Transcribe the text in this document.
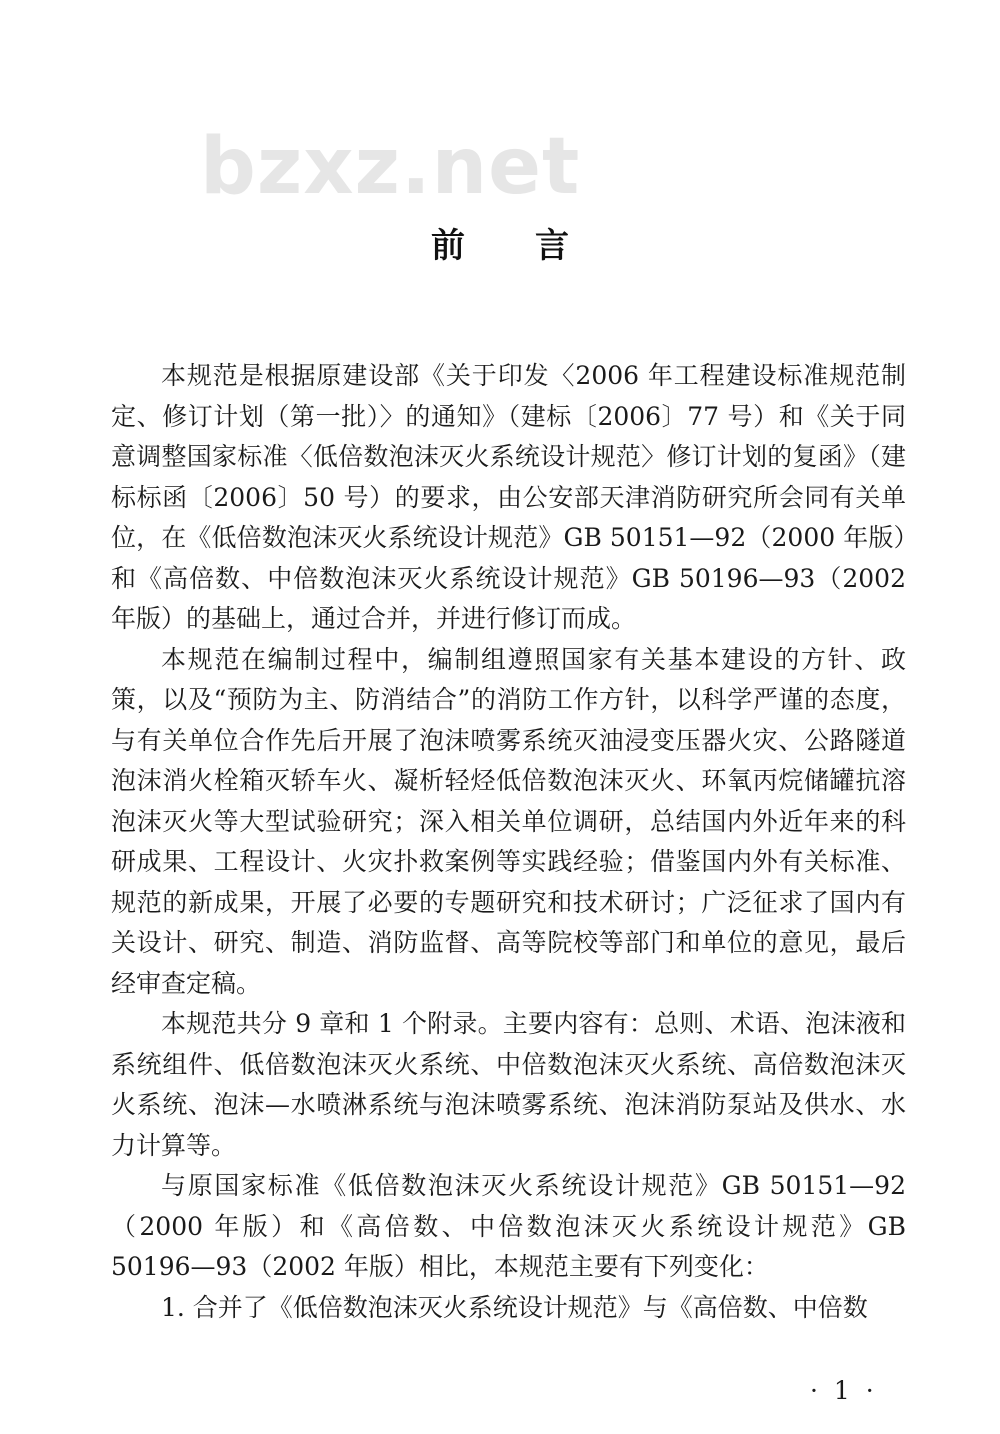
bzxz.net
前言

本规范是根据原建设部《关于印发〈2006 年工程建设标准规范制定、修订计划（第一批）〉的通知》（建标〔2006〕77 号）和《关于同意调整国家标准〈低倍数泡沫灭火系统设计规范〉修订计划的复函》（建标标函〔2006〕50 号）的要求，由公安部天津消防研究所会同有关单位，在《低倍数泡沫灭火系统设计规范》GB 50151—92（2000 年版）和《高倍数、中倍数泡沫灭火系统设计规范》GB 50196—93（2002 年版）的基础上，通过合并，并进行修订而成。

本规范在编制过程中，编制组遵照国家有关基本建设的方针、政策，以及“预防为主、防消结合”的消防工作方针，以科学严谨的态度，与有关单位合作先后开展了泡沫喷雾系统灭油浸变压器火灾、公路隧道泡沫消火栓箱灭轿车火、凝析轻烃低倍数泡沫灭火、环氧丙烷储罐抗溶泡沫灭火等大型试验研究；深入相关单位调研，总结国内外近年来的科研成果、工程设计、火灾扑救案例等实践经验；借鉴国内外有关标准、规范的新成果，开展了必要的专题研究和技术研讨；广泛征求了国内有关设计、研究、制造、消防监督、高等院校等部门和单位的意见，最后经审查定稿。

本规范共分 9 章和 1 个附录。主要内容有：总则、术语、泡沫液和系统组件、低倍数泡沫灭火系统、中倍数泡沫灭火系统、高倍数泡沫灭火系统、泡沫—水喷淋系统与泡沫喷雾系统、泡沫消防泵站及供水、水力计算等。

与原国家标准《低倍数泡沫灭火系统设计规范》GB 50151—92（2000 年版）和《高倍数、中倍数泡沫灭火系统设计规范》GB 50196—93（2002 年版）相比，本规范主要有下列变化：

1. 合并了《低倍数泡沫灭火系统设计规范》与《高倍数、中倍数

· 1 ·
